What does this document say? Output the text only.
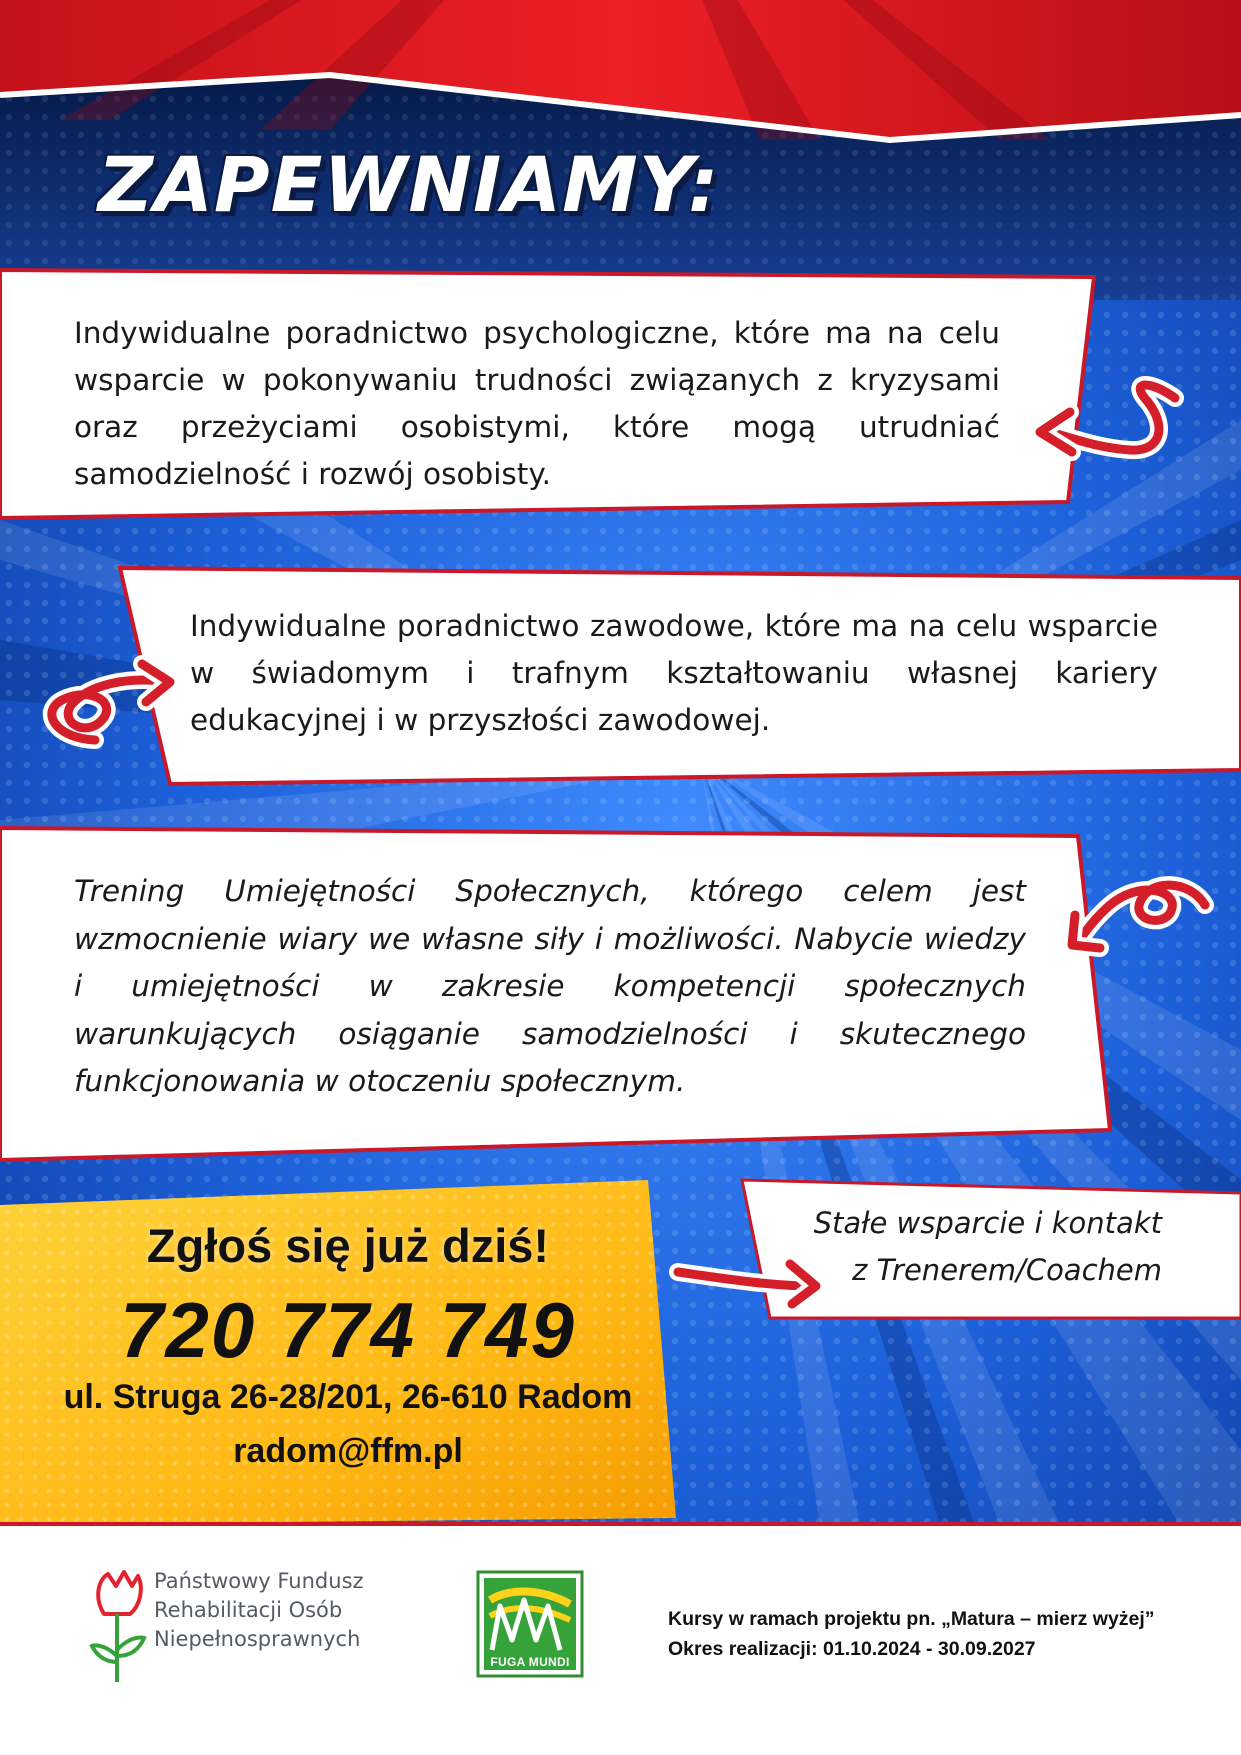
ZAPEWNIAMY:

Indywidualne poradnictwo psychologiczne, które ma na celu wsparcie w pokonywaniu trudności związanych z kryzysami oraz przeżyciami osobistymi, które mogą utrudniać samodzielność i rozwój osobisty.

Indywidualne poradnictwo zawodowe, które ma na celu wsparcie w świadomym i trafnym kształtowaniu własnej kariery edukacyjnej i w przyszłości zawodowej.

Trening Umiejętności Społecznych, którego celem jest wzmocnienie wiary we własne siły i możliwości. Nabycie wiedzy i umiejętności w zakresie kompetencji społecznych warunkujących osiąganie samodzielności i skutecznego funkcjonowania w otoczeniu społecznym.

Stałe wsparcie i kontakt
z Trenerem/Coachem
Zgłoś się już dziś!
720 774 749
ul. Struga 26-28/201, 26-610 Radom
radom@ffm.pl
Państwowy Fundusz
Rehabilitacji Osób
Niepełnosprawnych
FUGA MUNDI
Kursy w ramach projektu pn. „Matura – mierz wyżej”
Okres realizacji: 01.10.2024 - 30.09.2027
